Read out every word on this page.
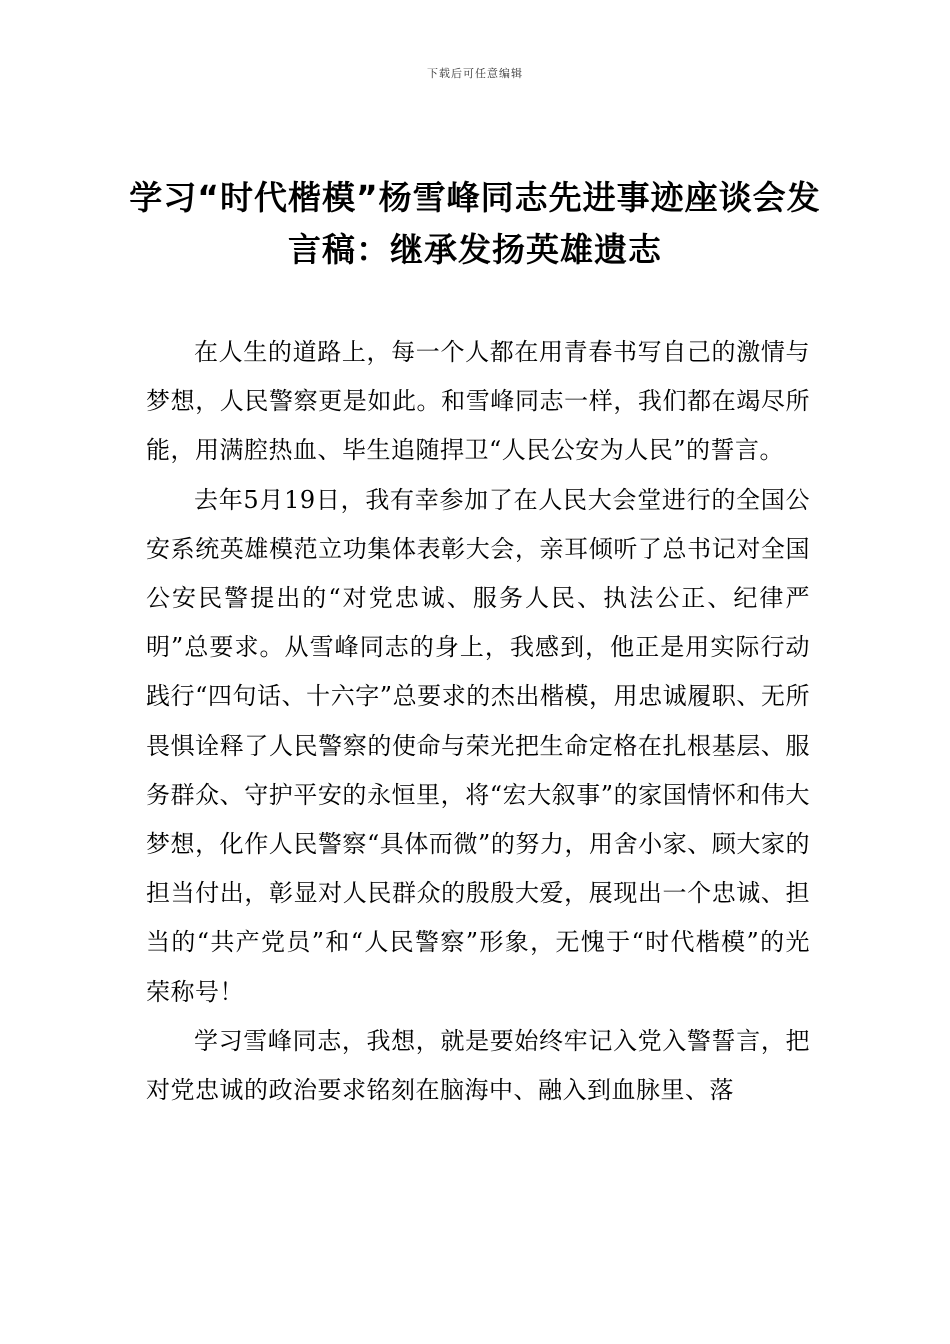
下载后可任意编辑
学习“时代楷模”杨雪峰同志先进事迹座谈会发言稿：继承发扬英雄遗志

在人生的道路上，每一个人都在用青春书写自己的激情与梦想，人民警察更是如此。和雪峰同志一样，我们都在竭尽所能，用满腔热血、毕生追随捍卫“人民公安为人民”的誓言。

去年5月19日，我有幸参加了在人民大会堂进行的全国公安系统英雄模范立功集体表彰大会，亲耳倾听了总书记对全国公安民警提出的“对党忠诚、服务人民、执法公正、纪律严明”总要求。从雪峰同志的身上，我感到，他正是用实际行动践行“四句话、十六字”总要求的杰出楷模，用忠诚履职、无所畏惧诠释了人民警察的使命与荣光把生命定格在扎根基层、服务群众、守护平安的永恒里，将“宏大叙事”的家国情怀和伟大梦想，化作人民警察“具体而微”的努力，用舍小家、顾大家的担当付出，彰显对人民群众的殷殷大爱，展现出一个忠诚、担当的“共产党员”和“人民警察”形象，无愧于“时代楷模”的光荣称号！

学习雪峰同志，我想，就是要始终牢记入党入警誓言，把对党忠诚的政治要求铭刻在脑海中、融入到血脉里、落
